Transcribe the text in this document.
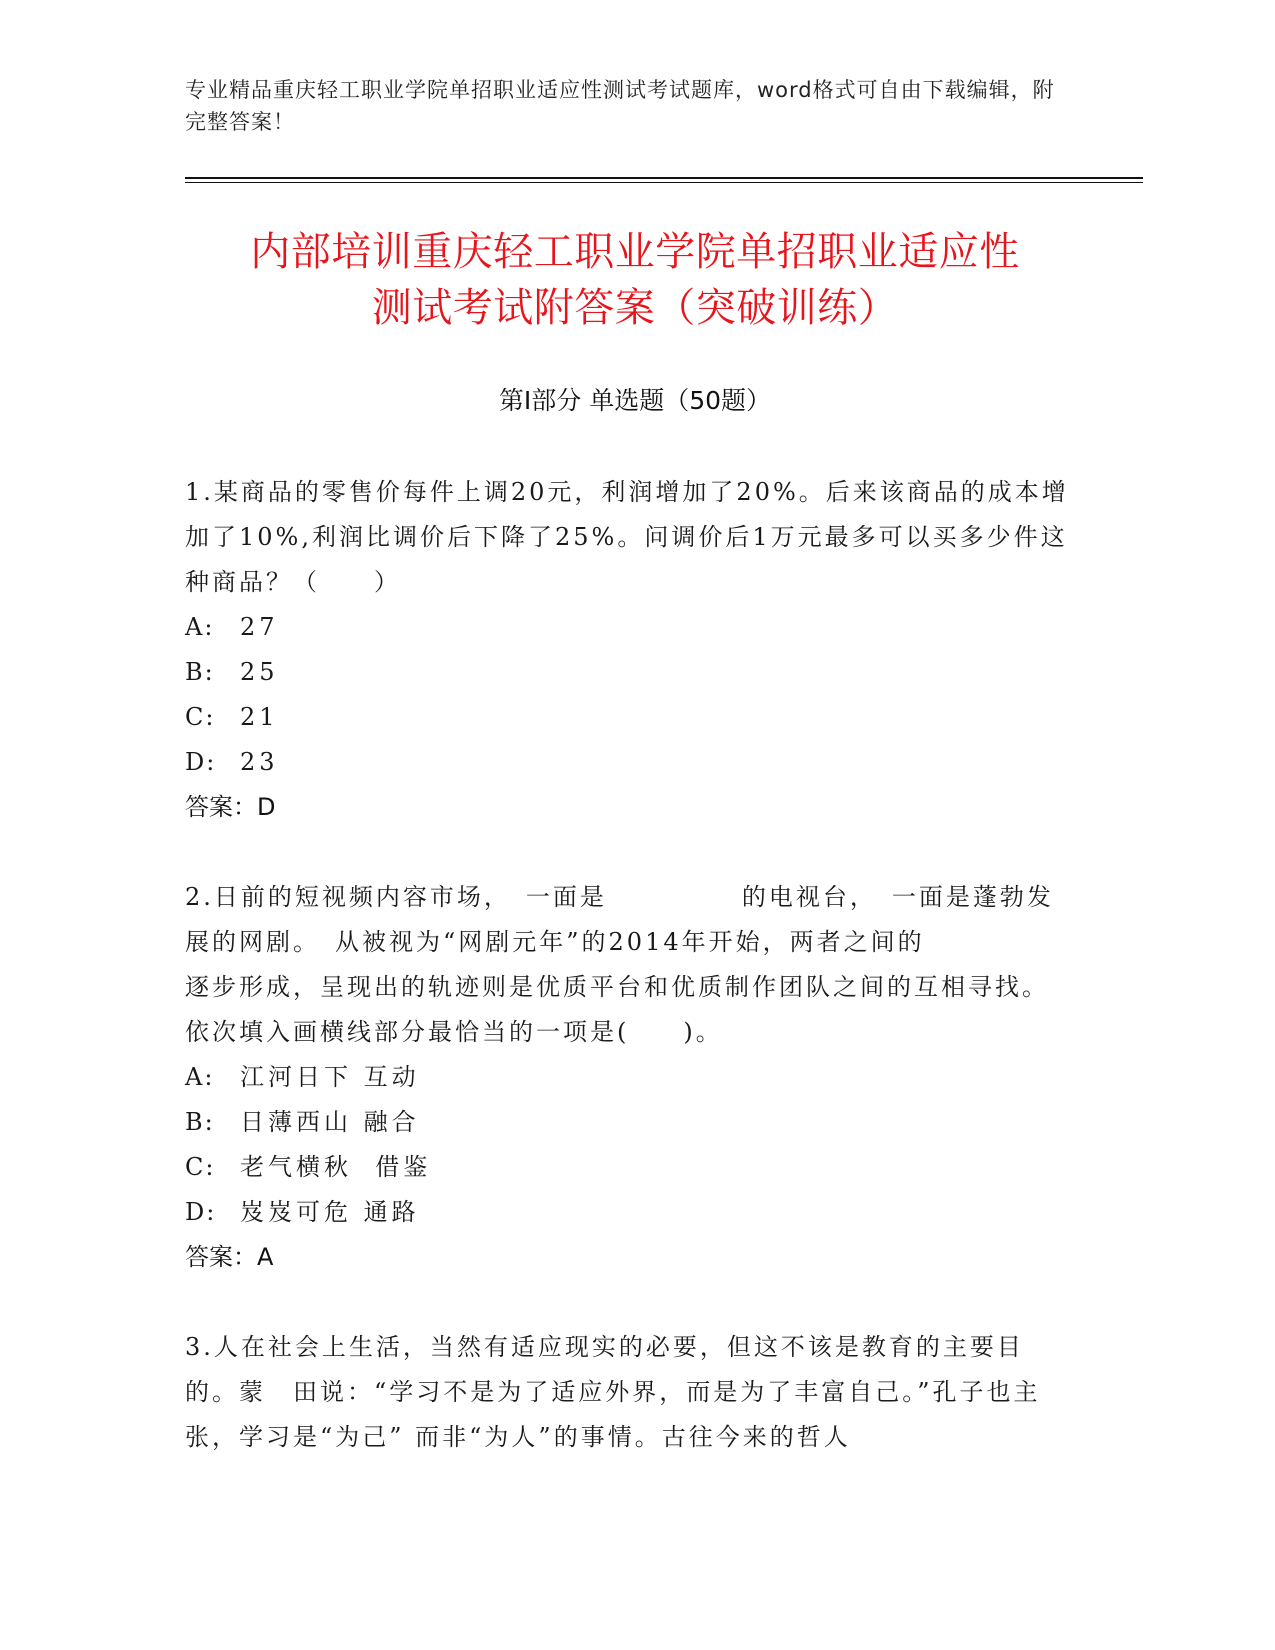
专业精品重庆轻工职业学院单招职业适应性测试考试题库，word格式可自由下载编辑，附完整答案！
内部培训重庆轻工职业学院单招职业适应性
测试考试附答案（突破训练）
第Ⅰ部分 单选题（50题）
1.某商品的零售价每件上调20元，利润增加了20%。后来该商品的成本增 加了10%,利润比调价后下降了25%。问调价后1万元最多可以买多少件这种商品？（　　）
A:	27
B:	25
C:	21
D: 23
答案：D
2.日前的短视频内容市场，　一面是　　　　　的电视台，　一面是蓬勃发展的网剧。　从被视为“网剧元年”的2014年开始，两者之间的　　　　　逐步形成，呈现出的轨迹则是优质平台和优质制作团队之间的互相寻找。依次填入画横线部分最恰当的一项是(　　)。
A:	江河日下 互动
B:	日薄西山 融合
C:	老气横秋  借鉴
D: 岌岌可危 通路
答案：A
3.人在社会上生活，当然有适应现实的必要，但这不该是教育的主要目的。蒙　田说：“学习不是为了适应外界，而是为了丰富自己。”孔子也主张，学习是“为己” 而非“为人”的事情。古往今来的哲人
